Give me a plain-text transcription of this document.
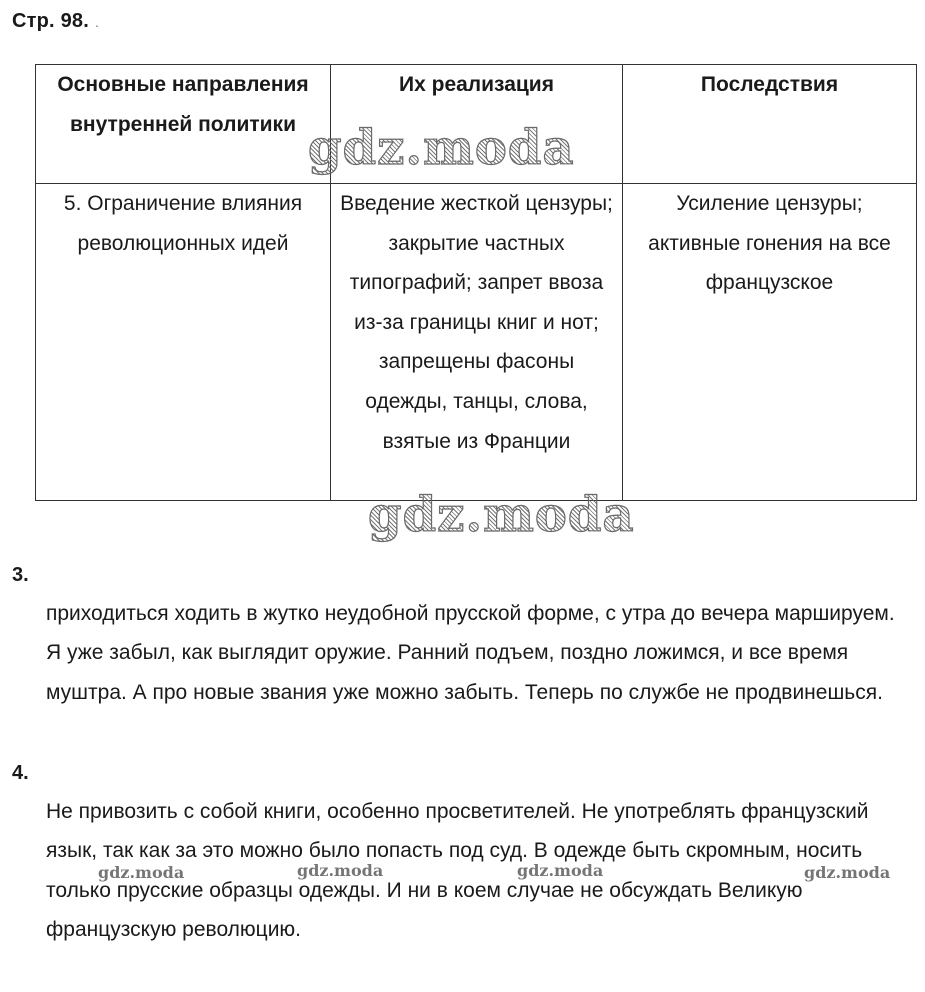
Стр. 98. .
Основные направления внутренней политики	Их реализация	Последствия

5. Ограничение влияния революционных идей	Введение жесткой цензуры; закрытие частных типографий; запрет ввоза из-за границы книг и нот; запрещены фасоны одежды, танцы, слова, взятые из Франции	Усиление цензуры; активные гонения на все французское
3.
приходиться ходить в жутко неудобной прусской форме, с утра до вечера маршируем. Я уже забыл, как выглядит оружие. Ранний подъем, поздно ложимся, и все время муштра. А про новые звания уже можно забыть. Теперь по службе не продвинешься.
4.
Не привозить с собой книги, особенно просветителей. Не употреблять французский язык, так как за это можно было попасть под суд. В одежде быть скромным, носить только прусские образцы одежды. И ни в коем случае не обсуждать Великую французскую революцию.
gdz.moda
gdz.moda
gdz.moda	gdz.moda	gdz.moda	gdz.moda
